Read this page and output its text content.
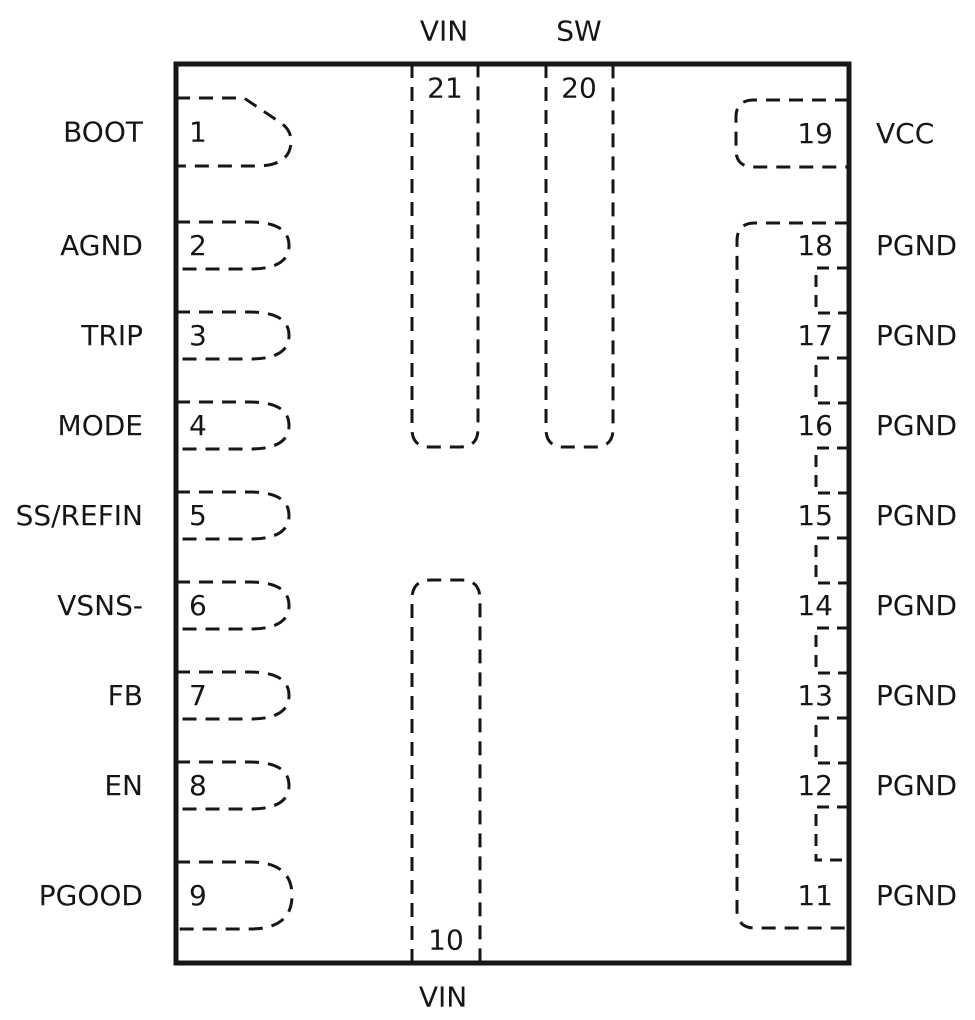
BOOT
AGND
TRIP
MODE
SS/REFIN
VSNS-
FB
EN
PGOOD
1
2
3
4
5
6
7
8
9
19
18
17
16
15
14
13
12
11
VCC
PGND
PGND
PGND
PGND
PGND
PGND
PGND
PGND
VIN	SW
21	20
10
VIN
